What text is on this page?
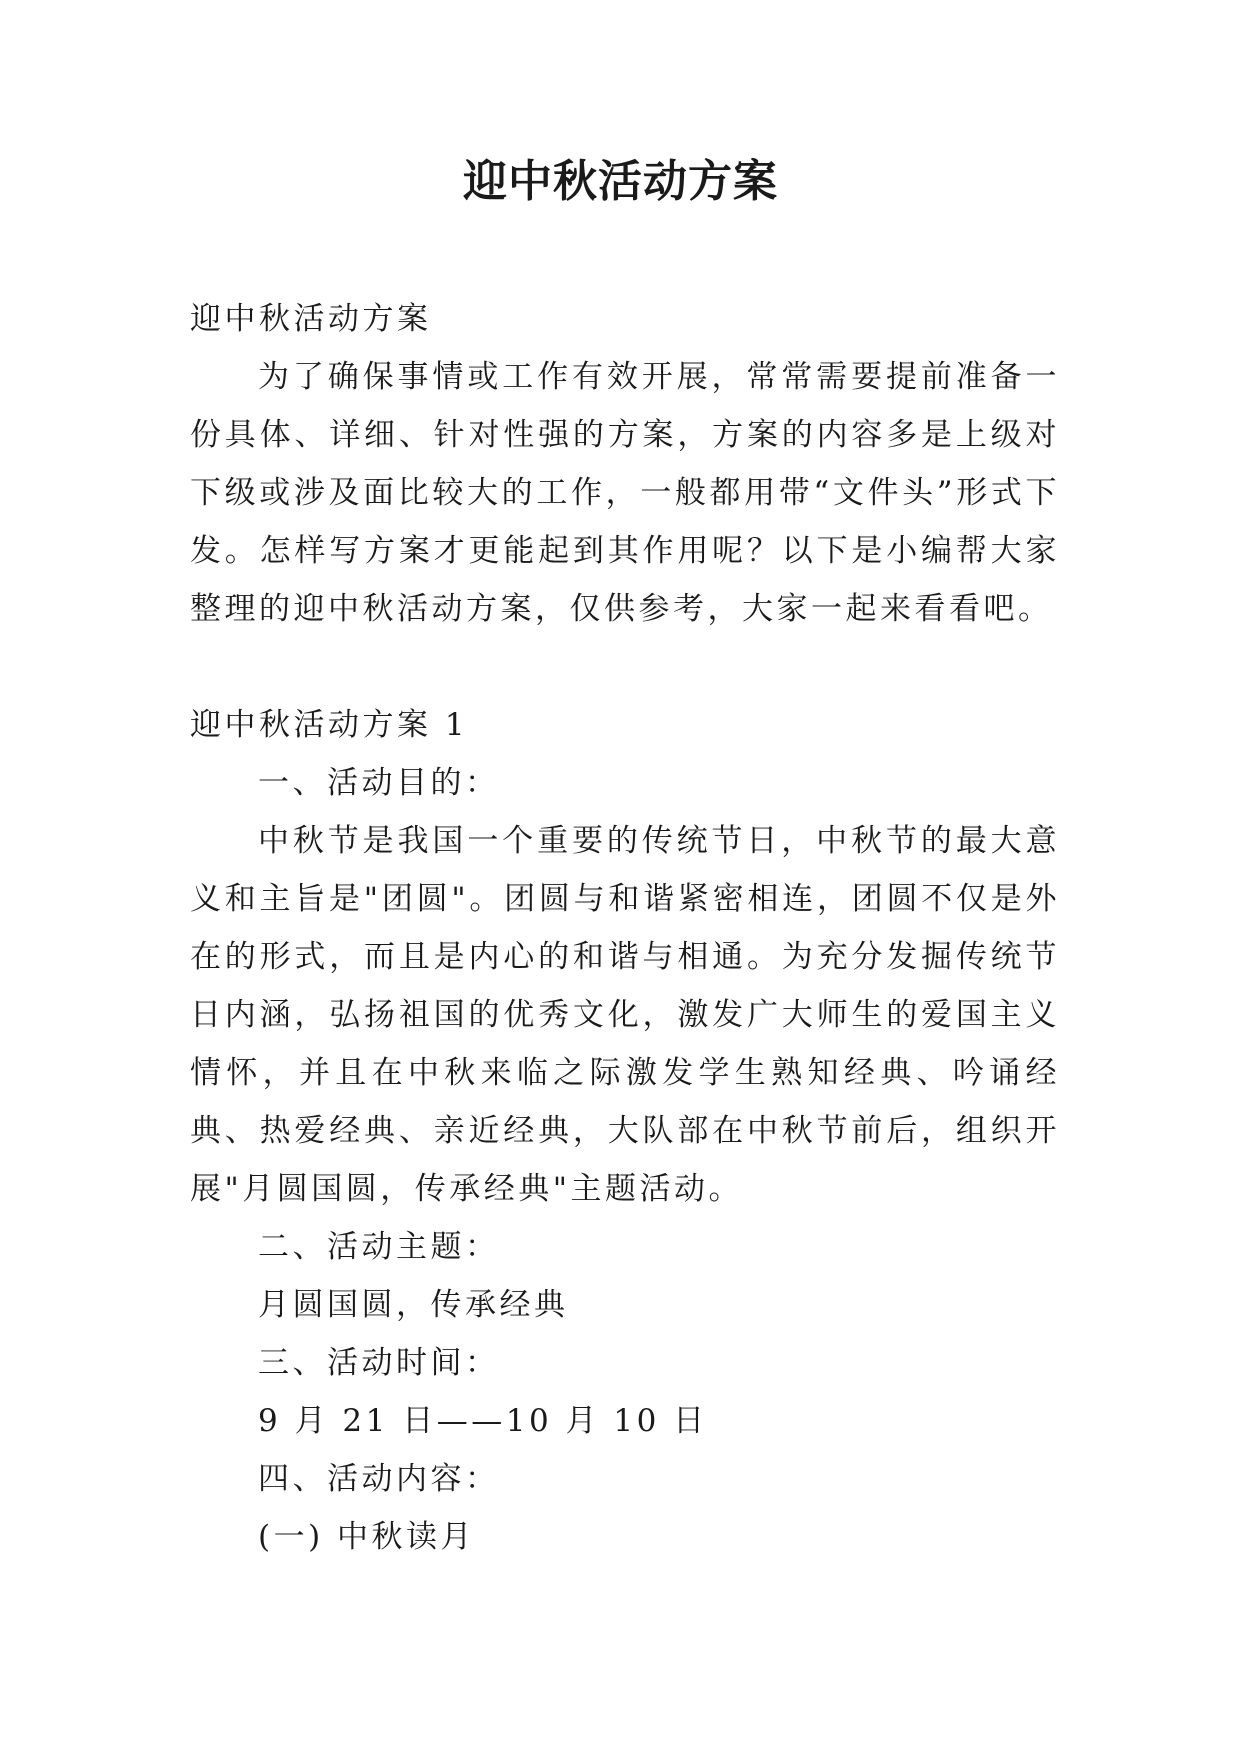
迎中秋活动方案

迎中秋活动方案

为了确保事情或工作有效开展，常常需要提前准备一份具体、详细、针对性强的方案，方案的内容多是上级对下级或涉及面比较大的工作，一般都用带“文件头”形式下发。怎样写方案才更能起到其作用呢？以下是小编帮大家整理的迎中秋活动方案，仅供参考，大家一起来看看吧。

迎中秋活动方案 1

一、活动目的：

中秋节是我国一个重要的传统节日，中秋节的最大意义和主旨是"团圆"。团圆与和谐紧密相连，团圆不仅是外在的形式，而且是内心的和谐与相通。为充分发掘传统节日内涵，弘扬祖国的优秀文化，激发广大师生的爱国主义情怀，并且在中秋来临之际激发学生熟知经典、吟诵经典、热爱经典、亲近经典，大队部在中秋节前后，组织开展"月圆国圆，传承经典"主题活动。

二、活动主题：

月圆国圆，传承经典

三、活动时间：

9 月 21 日——10 月 10 日

四、活动内容：

(一) 中秋读月
